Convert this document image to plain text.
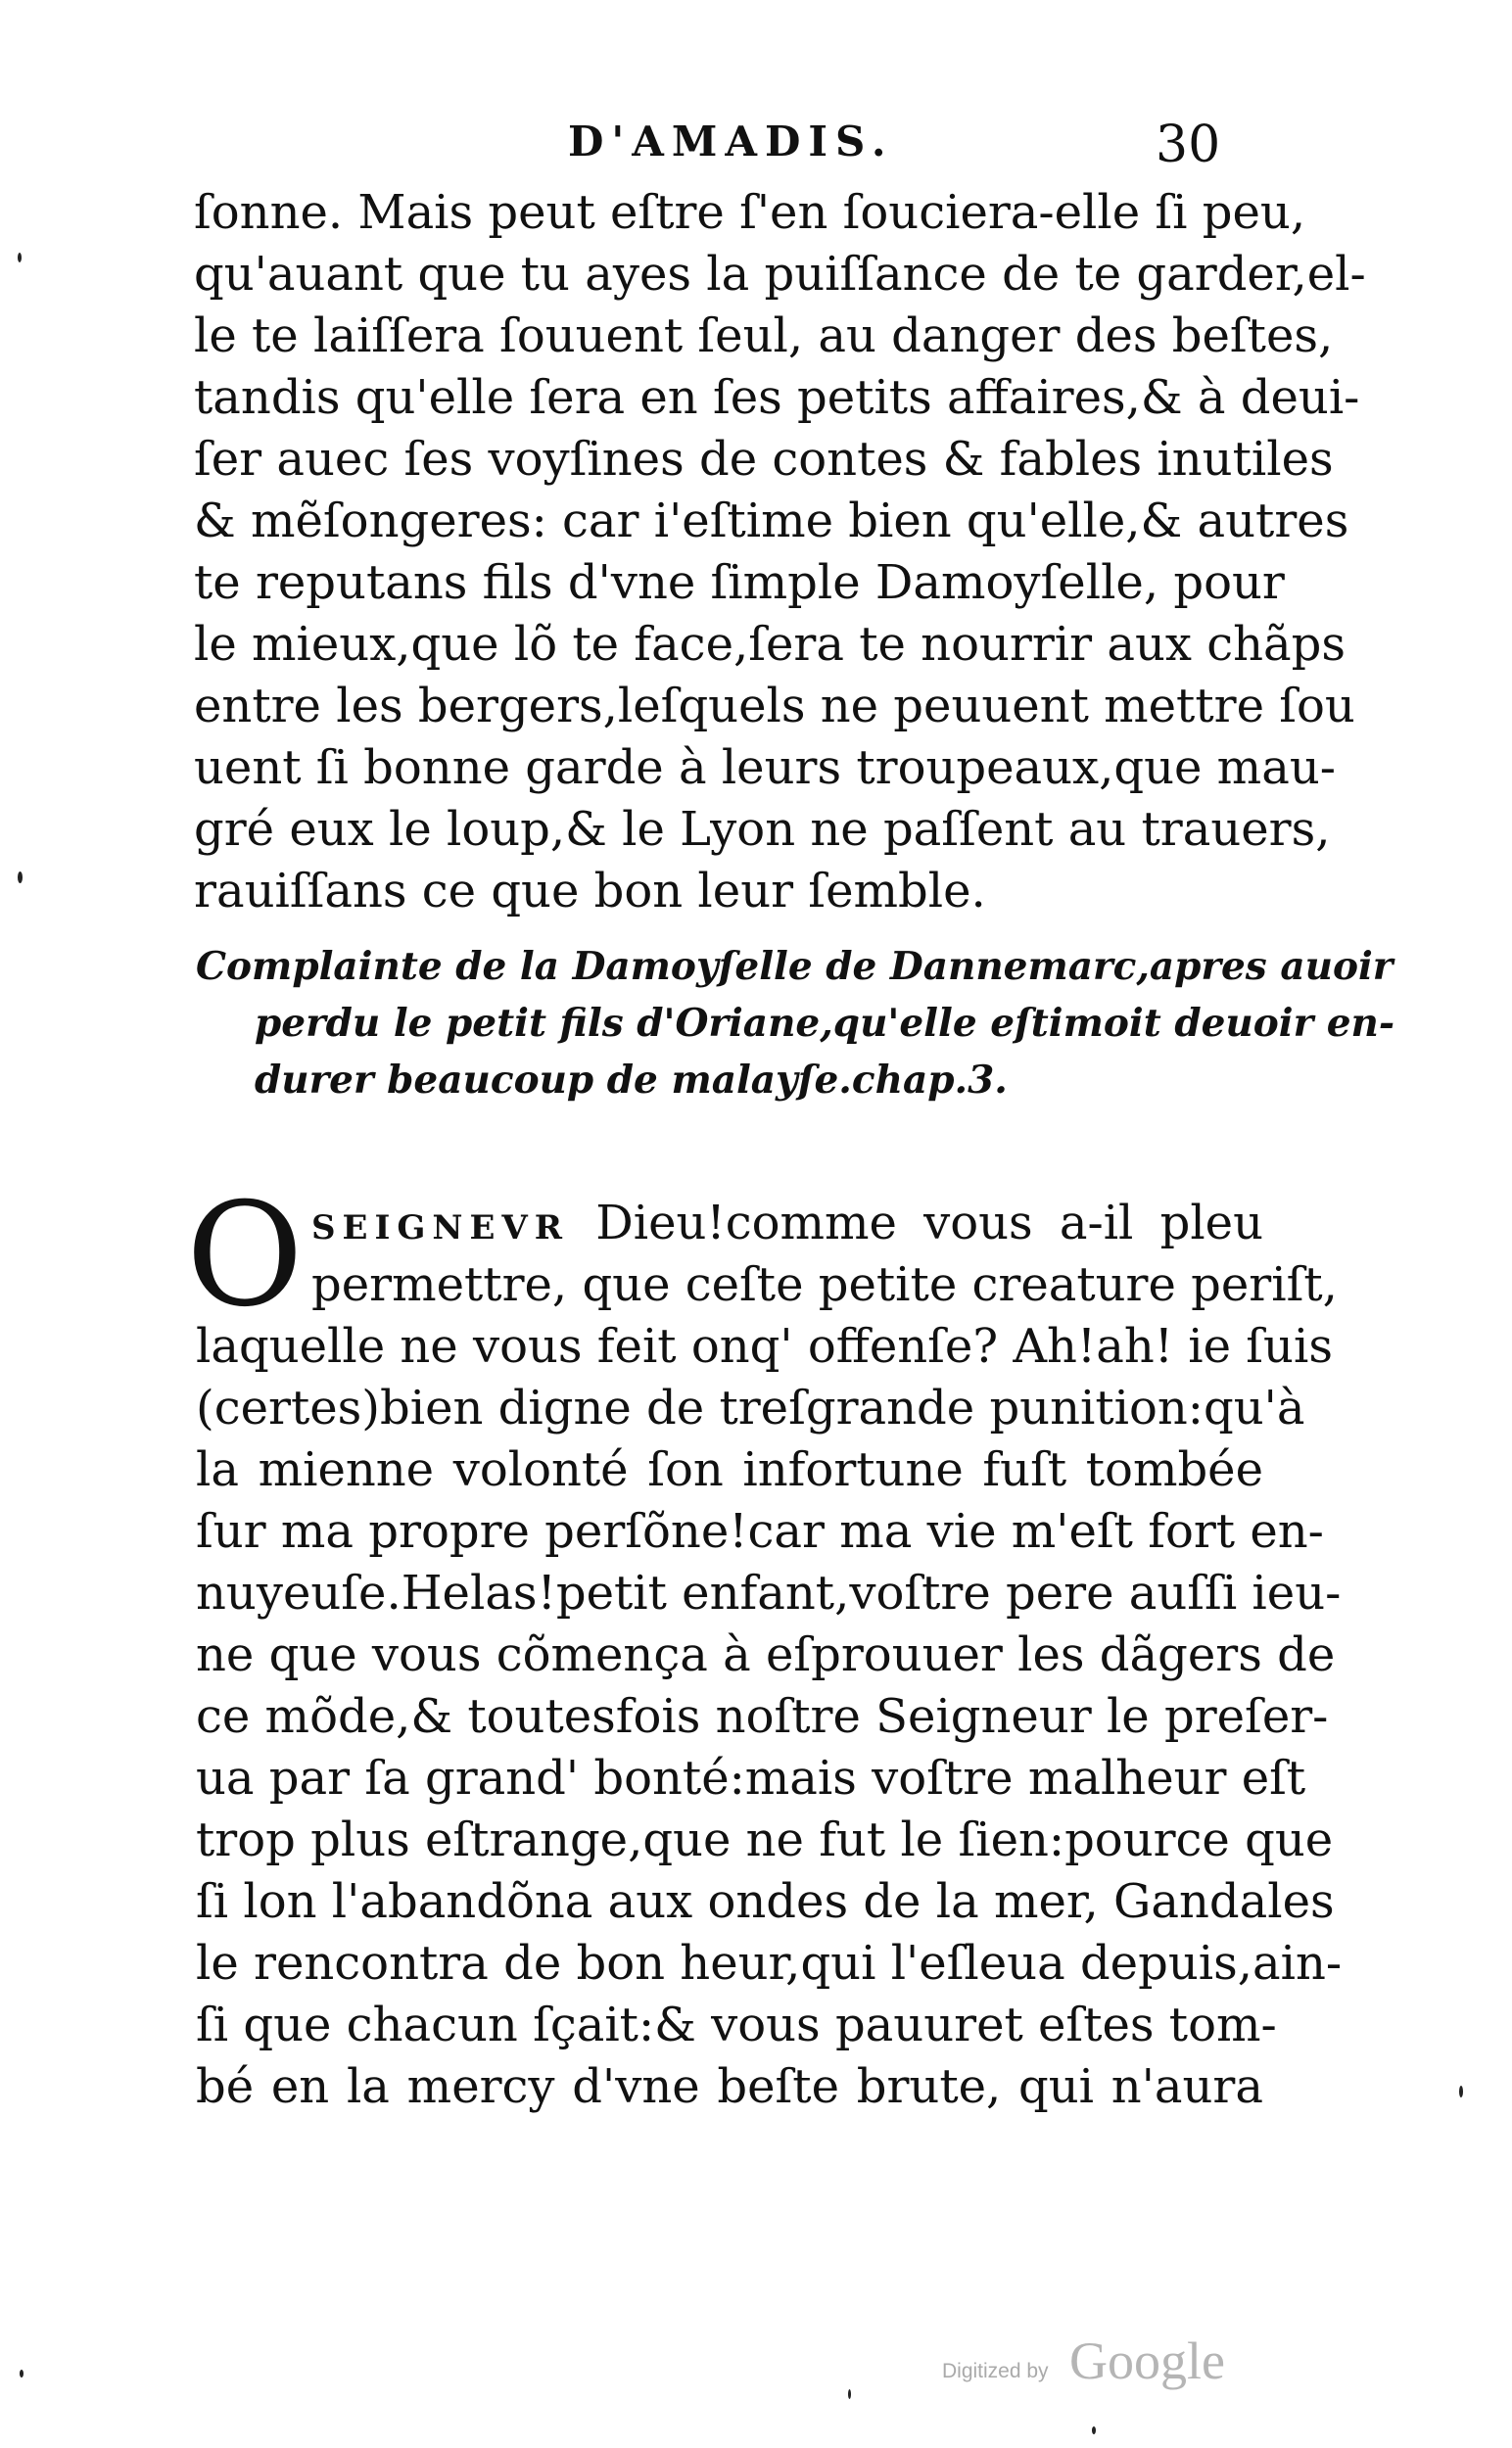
D'AMADIS.	30
ſonne. Mais peut eſtre ſ'en ſouciera-elle ſi peu,
qu'auant que tu ayes la puiſſance de te garder,el-
le te laiſſera ſouuent ſeul, au danger des beſtes,
tandis qu'elle ſera en ſes petits affaires,& à deui-
ſer auec ſes voyſines de contes & fables inutiles
& mẽſongeres: car i'eſtime bien qu'elle,& autres
te reputans fils d'vne ſimple Damoyſelle, pour
le mieux,que lõ te face,ſera te nourrir aux chãps
entre les bergers,leſquels ne peuuent mettre ſou
uent ſi bonne garde à leurs troupeaux,que mau-
gré eux le loup,& le Lyon ne paſſent au trauers,
rauiſſans ce que bon leur ſemble.
Complainte de la Damoyſelle de Dannemarc,apres auoir
perdu le petit fils d'Oriane,qu'elle eſtimoit deuoir en-
durer beaucoup de malayſe.chap.3.
O SEIGNEVR Dieu!comme vous a-il pleu
permettre, que ceſte petite creature periſt,
laquelle ne vous feit onq' offenſe? Ah!ah! ie ſuis
(certes)bien digne de treſgrande punition:qu'à
la mienne volonté ſon infortune fuſt tombée
ſur ma propre perſõne!car ma vie m'eſt fort en-
nuyeuſe.Helas!petit enfant,voſtre pere auſſi ieu-
ne que vous cõmença à eſprouuer les dãgers de
ce mõde,& toutesfois noſtre Seigneur le preſer-
ua par ſa grand' bonté:mais voſtre malheur eſt
trop plus eſtrange,que ne fut le ſien:pource que
ſi lon l'abandõna aux ondes de la mer, Gandales
le rencontra de bon heur,qui l'eſleua depuis,ain-
ſi que chacun ſçait:& vous pauuret eſtes tom-
bé en la mercy d'vne beſte brute, qui n'aura
Digitized by Google
